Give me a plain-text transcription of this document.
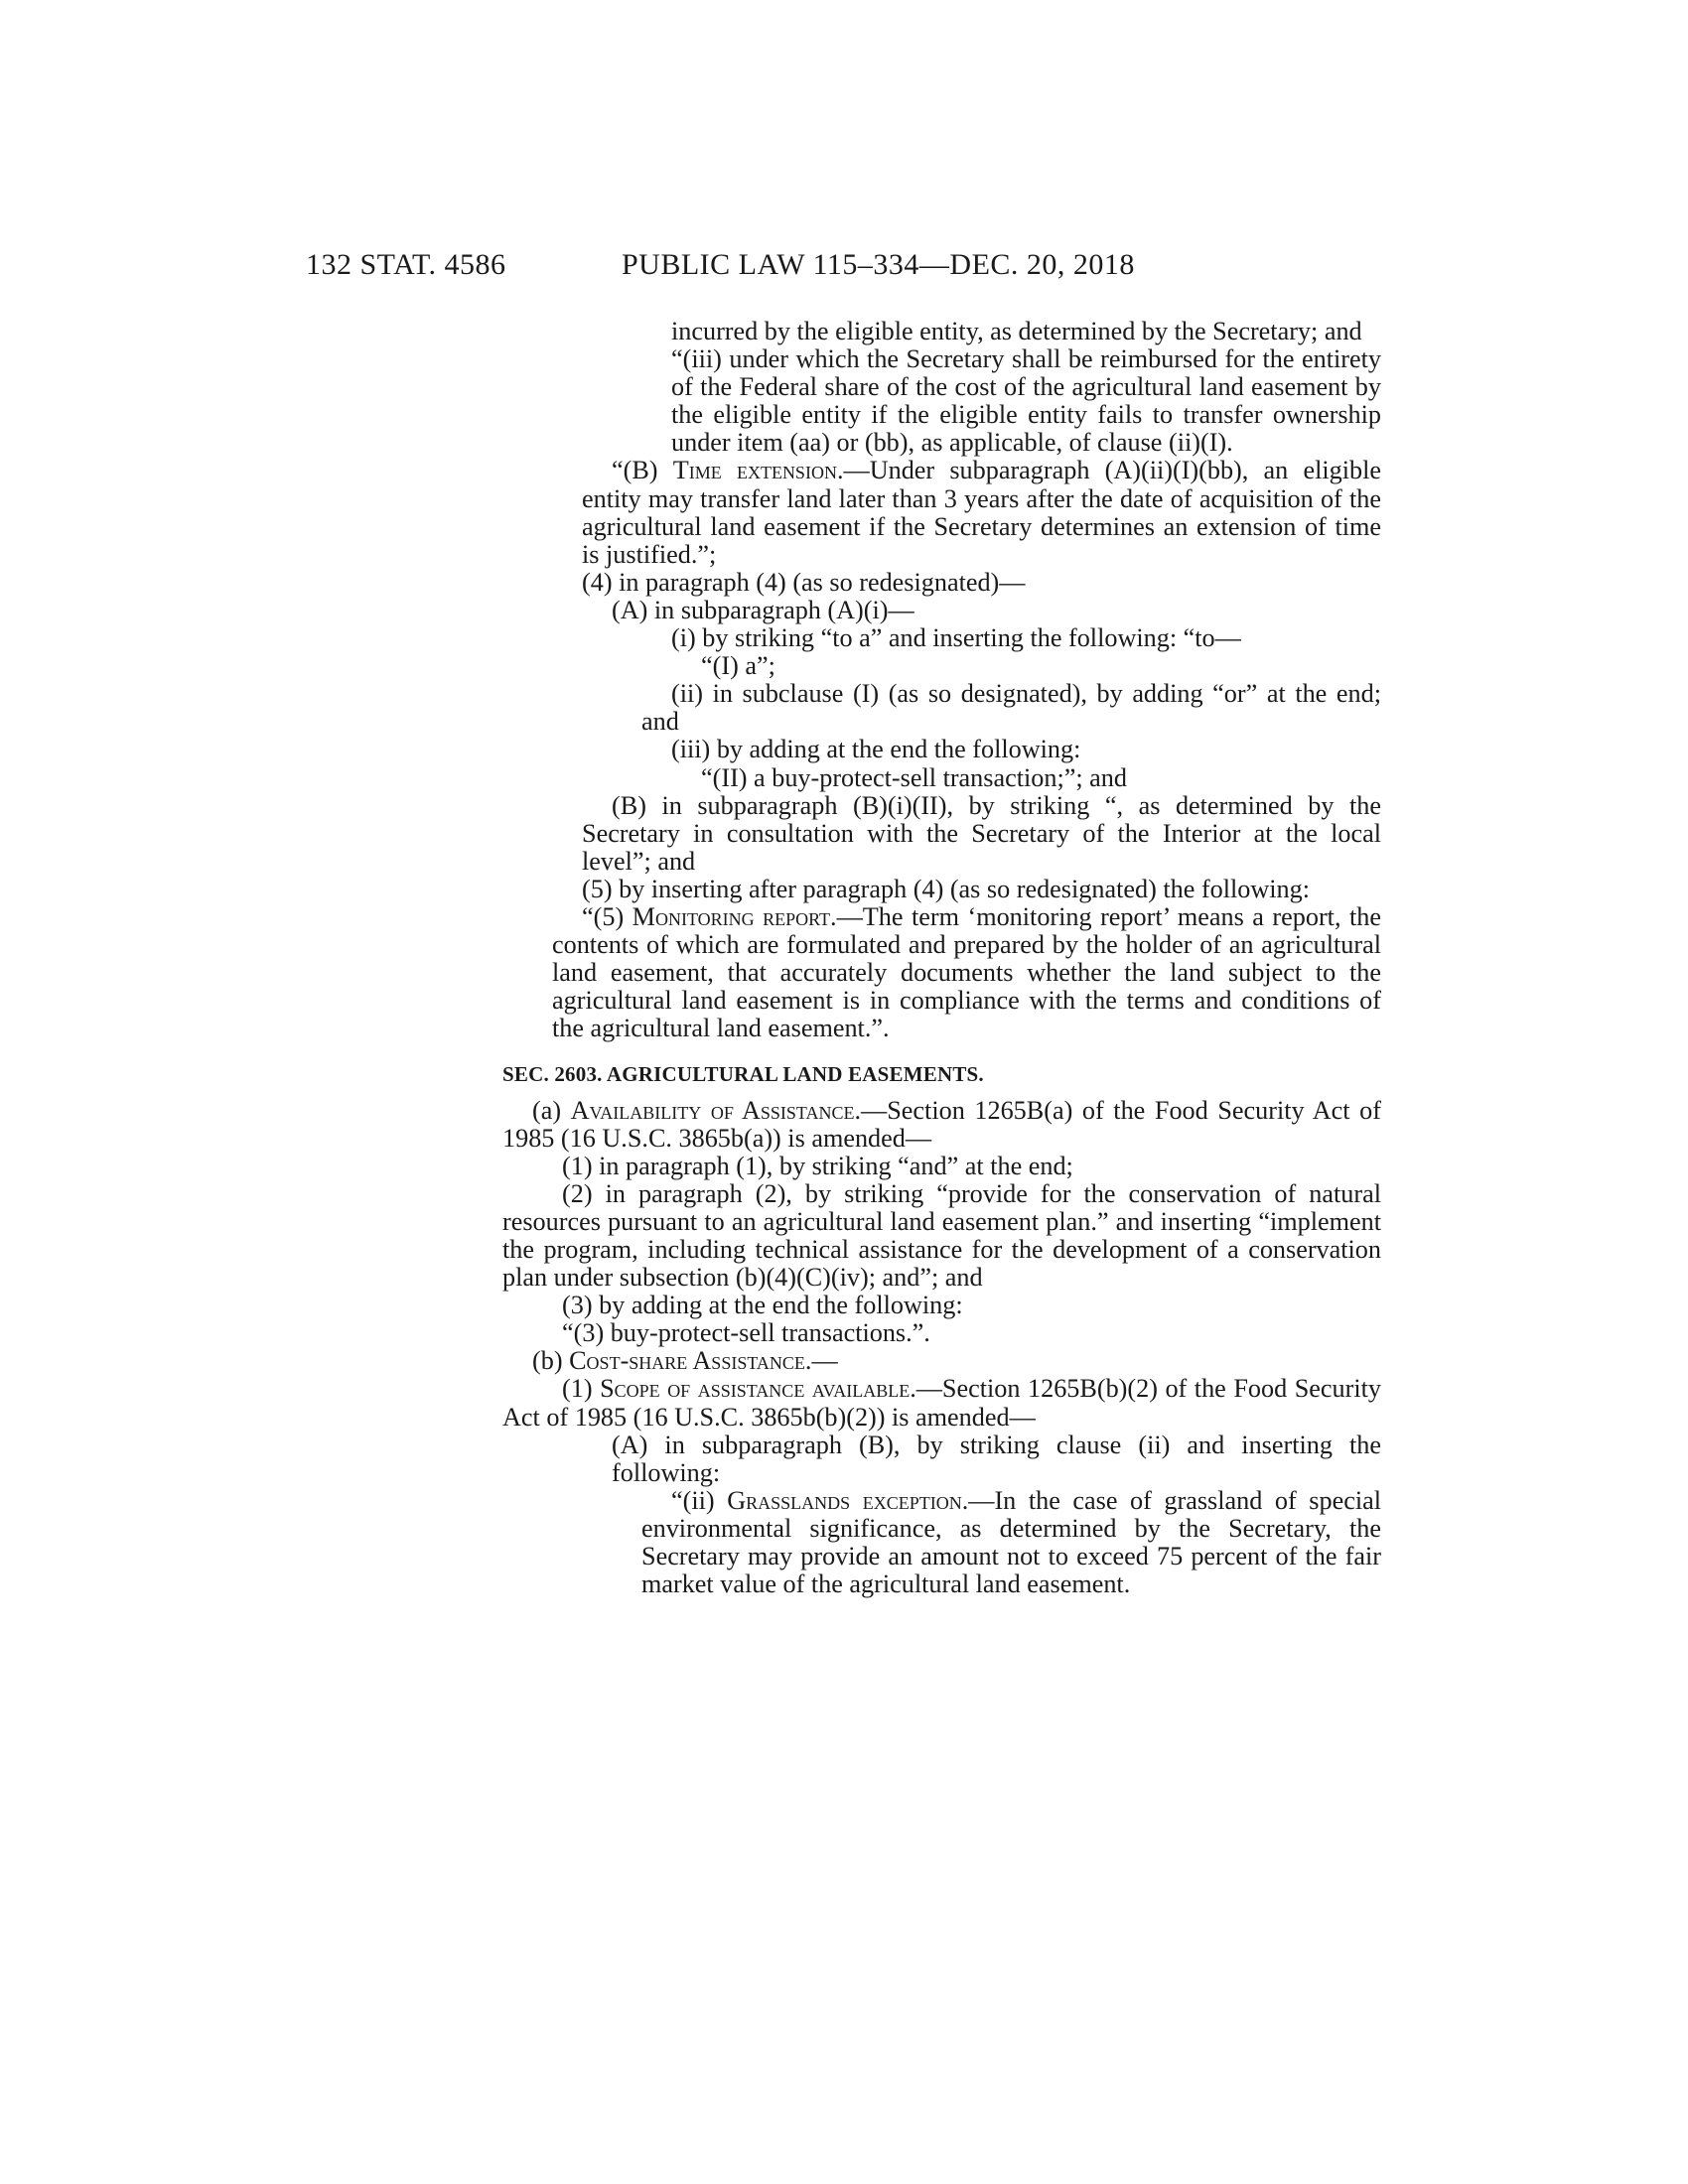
132 STAT. 4586	PUBLIC LAW 115–334—DEC. 20, 2018

incurred by the eligible entity, as determined by the Secretary; and

“(iii) under which the Secretary shall be reimbursed for the entirety of the Federal share of the cost of the agricultural land easement by the eligible entity if the eligible entity fails to transfer ownership under item (aa) or (bb), as applicable, of clause (ii)(I).

“(B) Time extension.—Under subparagraph (A)(ii)(I)(bb), an eligible entity may transfer land later than 3 years after the date of acquisition of the agricultural land easement if the Secretary determines an extension of time is justified.”;

(4) in paragraph (4) (as so redesignated)—

(A) in subparagraph (A)(i)—

(i) by striking “to a” and inserting the following: “to—

“(I) a”;

(ii) in subclause (I) (as so designated), by adding “or” at the end; and

(iii) by adding at the end the following:

“(II) a buy-protect-sell transaction;”; and

(B) in subparagraph (B)(i)(II), by striking “, as determined by the Secretary in consultation with the Secretary of the Interior at the local level”; and

(5) by inserting after paragraph (4) (as so redesignated) the following:

“(5) Monitoring report.—The term ‘monitoring report’ means a report, the contents of which are formulated and prepared by the holder of an agricultural land easement, that accurately documents whether the land subject to the agricultural land easement is in compliance with the terms and conditions of the agricultural land easement.”.

SEC. 2603. AGRICULTURAL LAND EASEMENTS.

(a) Availability of Assistance.—Section 1265B(a) of the Food Security Act of 1985 (16 U.S.C. 3865b(a)) is amended—

(1) in paragraph (1), by striking “and” at the end;

(2) in paragraph (2), by striking “provide for the conservation of natural resources pursuant to an agricultural land easement plan.” and inserting “implement the program, including technical assistance for the development of a conservation plan under subsection (b)(4)(C)(iv); and”; and

(3) by adding at the end the following:

“(3) buy-protect-sell transactions.”.

(b) Cost-share Assistance.—

(1) Scope of assistance available.—Section 1265B(b)(2) of the Food Security Act of 1985 (16 U.S.C. 3865b(b)(2)) is amended—

(A) in subparagraph (B), by striking clause (ii) and inserting the following:

“(ii) Grasslands exception.—In the case of grassland of special environmental significance, as determined by the Secretary, the Secretary may provide an amount not to exceed 75 percent of the fair market value of the agricultural land easement.
